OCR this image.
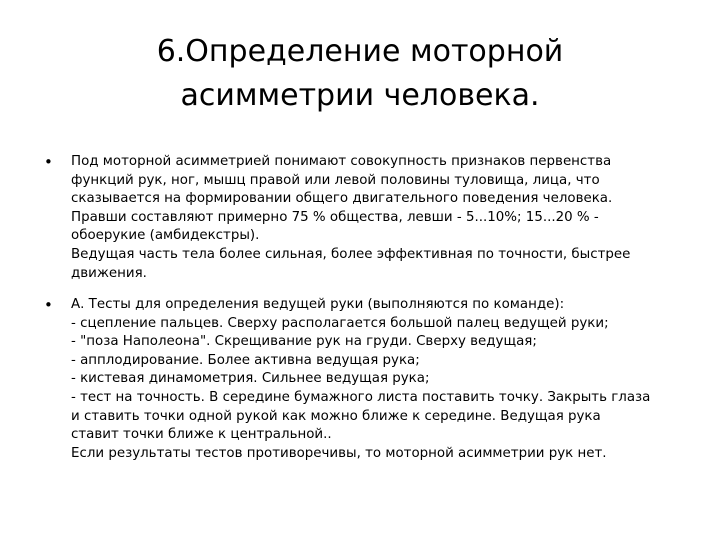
6.Определение моторной
асимметрии человека.
• Под моторной асимметрией понимают совокупность признаков первенства
функций рук, ног, мышц правой или левой половины туловища, лица, что
сказывается на формировании общего двигательного поведения человека.
Правши составляют примерно 75 % общества, левши - 5...10%; 15...20 % -
обоерукие (амбидекстры).
Ведущая часть тела более сильная, более эффективная по точности, быстрее
движения.
• А. Тесты для определения ведущей руки (выполняются по команде):
- сцепление пальцев. Сверху располагается большой палец ведущей руки;
- "поза Наполеона". Скрещивание рук на груди. Сверху ведущая;
- апплодирование. Более активна ведущая рука;
- кистевая динамометрия. Сильнее ведущая рука;
- тест на точность. В середине бумажного листа поставить точку. Закрыть глаза
и ставить точки одной рукой как можно ближе к середине. Ведущая рука
ставит точки ближе к центральной..
Если результаты тестов противоречивы, то моторной асимметрии рук нет.
